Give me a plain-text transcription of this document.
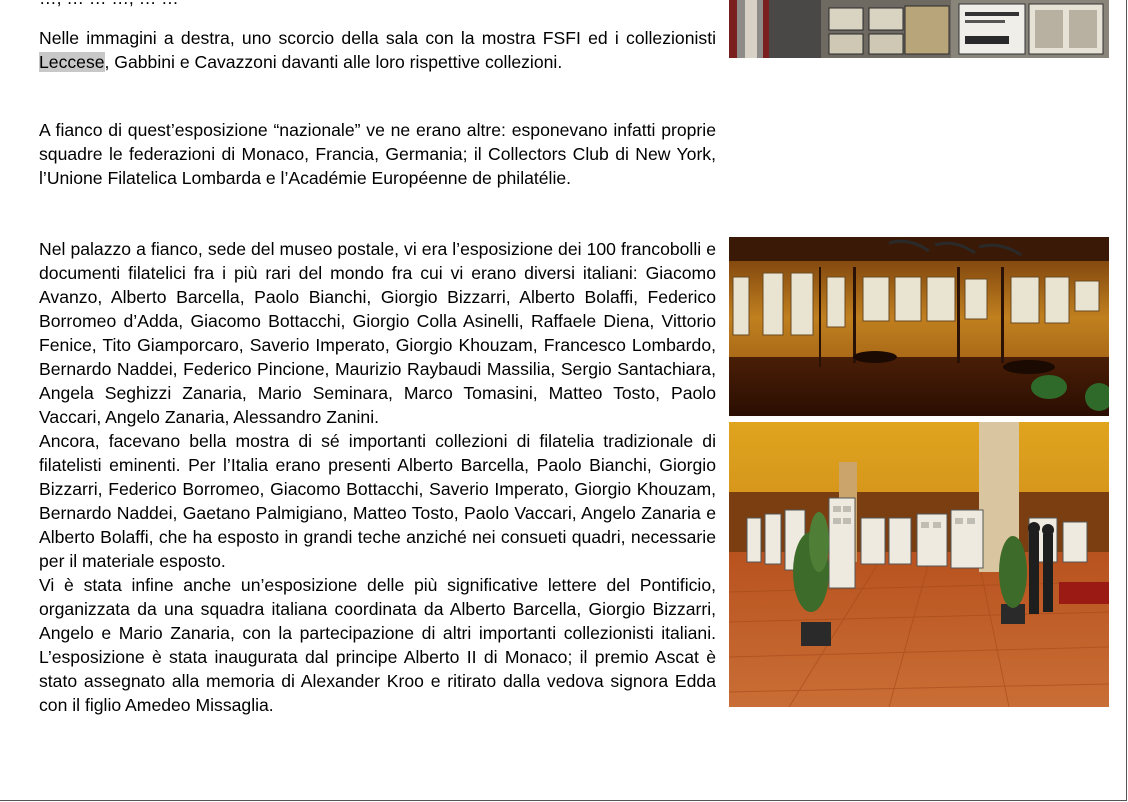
Nelle immagini a destra, uno scorcio della sala con la mostra FSFI ed i collezionisti Leccese, Gabbini e Cavazzoni davanti alle loro rispettive collezioni.

A fianco di quest’esposizione “nazionale” ve ne erano altre: esponevano infatti proprie squadre le federazioni di Monaco, Francia, Germania; il Collectors Club di New York, l’Unione Filatelica Lombarda e l’Académie Européenne de philatélie.

Nel palazzo a fianco, sede del museo postale, vi era l’esposizione dei 100 francobolli e documenti filatelici fra i più rari del mondo fra cui vi erano diversi italiani: Giacomo Avanzo, Alberto Barcella, Paolo Bianchi, Giorgio Bizzarri, Alberto Bolaffi, Federico Borromeo d’Adda, Giacomo Bottacchi, Giorgio Colla Asinelli, Raffaele Diena, Vittorio Fenice, Tito Giamporcaro, Saverio Imperato, Giorgio Khouzam, Francesco Lombardo, Bernardo Naddei, Federico Pincione, Maurizio Raybaudi Massilia, Sergio Santachiara, Angela Seghizzi Zanaria, Mario Seminara, Marco Tomasini, Matteo Tosto, Paolo Vaccari, Angelo Zanaria, Alessandro Zanini.

Ancora, facevano bella mostra di sé importanti collezioni di filatelia tradizionale di filatelisti eminenti. Per l’Italia erano presenti Alberto Barcella, Paolo Bianchi, Giorgio Bizzarri, Federico Borromeo, Giacomo Bottacchi, Saverio Imperato, Giorgio Khouzam, Bernardo Naddei, Gaetano Palmigiano, Matteo Tosto, Paolo Vaccari, Angelo Zanaria e Alberto Bolaffi, che ha esposto in grandi teche anziché nei consueti quadri, necessarie per il materiale esposto.

Vi è stata infine anche un’esposizione delle più significative lettere del Pontificio, organizzata da una squadra italiana coordinata da Alberto Barcella, Giorgio Bizzarri, Angelo e Mario Zanaria, con la partecipazione di altri importanti collezionisti italiani. L’esposizione è stata inaugurata dal principe Alberto II di Monaco; il premio Ascat è stato assegnato alla memoria di Alexander Kroo e ritirato dalla vedova signora Edda con il figlio Amedeo Missaglia.
